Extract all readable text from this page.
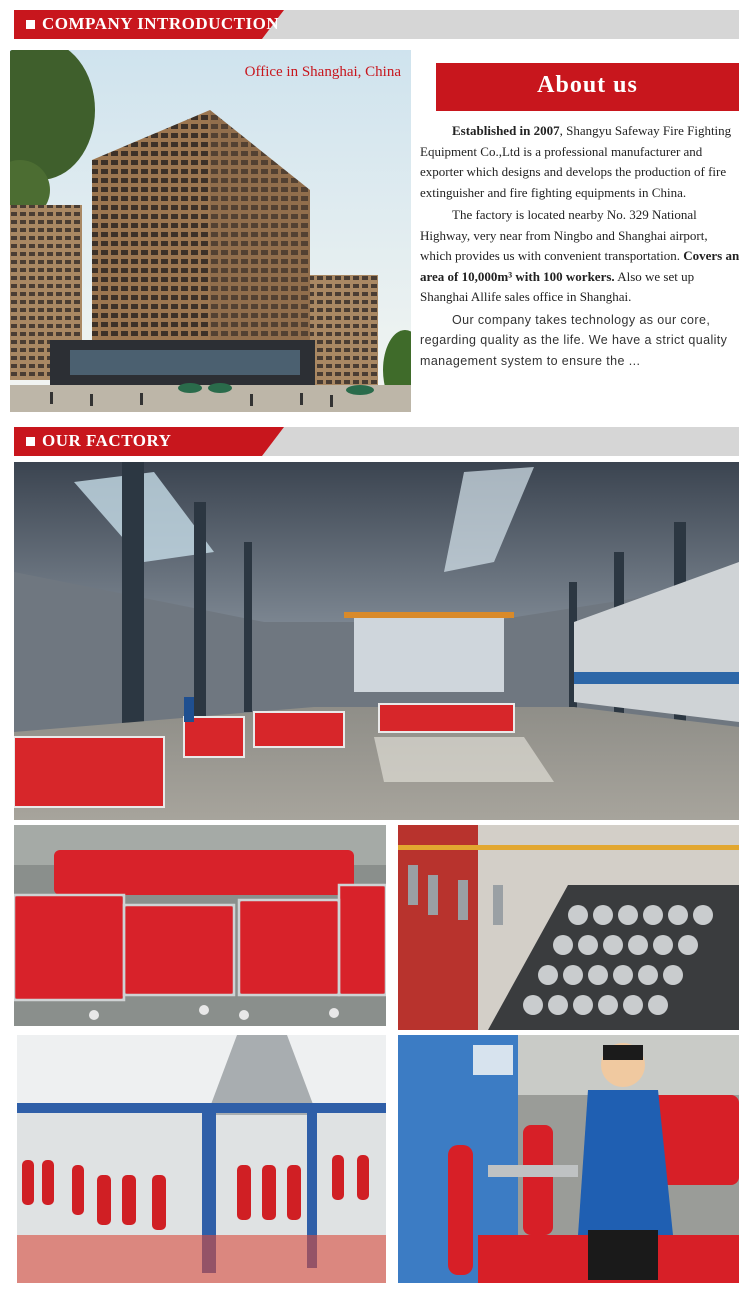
COMPANY INTRODUCTION
Office in Shanghai, China	About us

Established in 2007, Shangyu Safeway Fire Fighting Equipment Co.,Ltd is a professional manufacturer and exporter which designs and develops the production of fire extinguisher and fire fighting equipments in China.

The factory is located nearby No. 329 National Highway, very near from Ningbo and Shanghai airport, which provides us with convenient transportation. Covers an area of 10,000m³ with 100 workers. Also we set up Shanghai Allife sales office in Shanghai.

Our company takes technology as our core, regarding quality as the life. We have a strict quality management system to ensure the ...

OUR FACTORY
